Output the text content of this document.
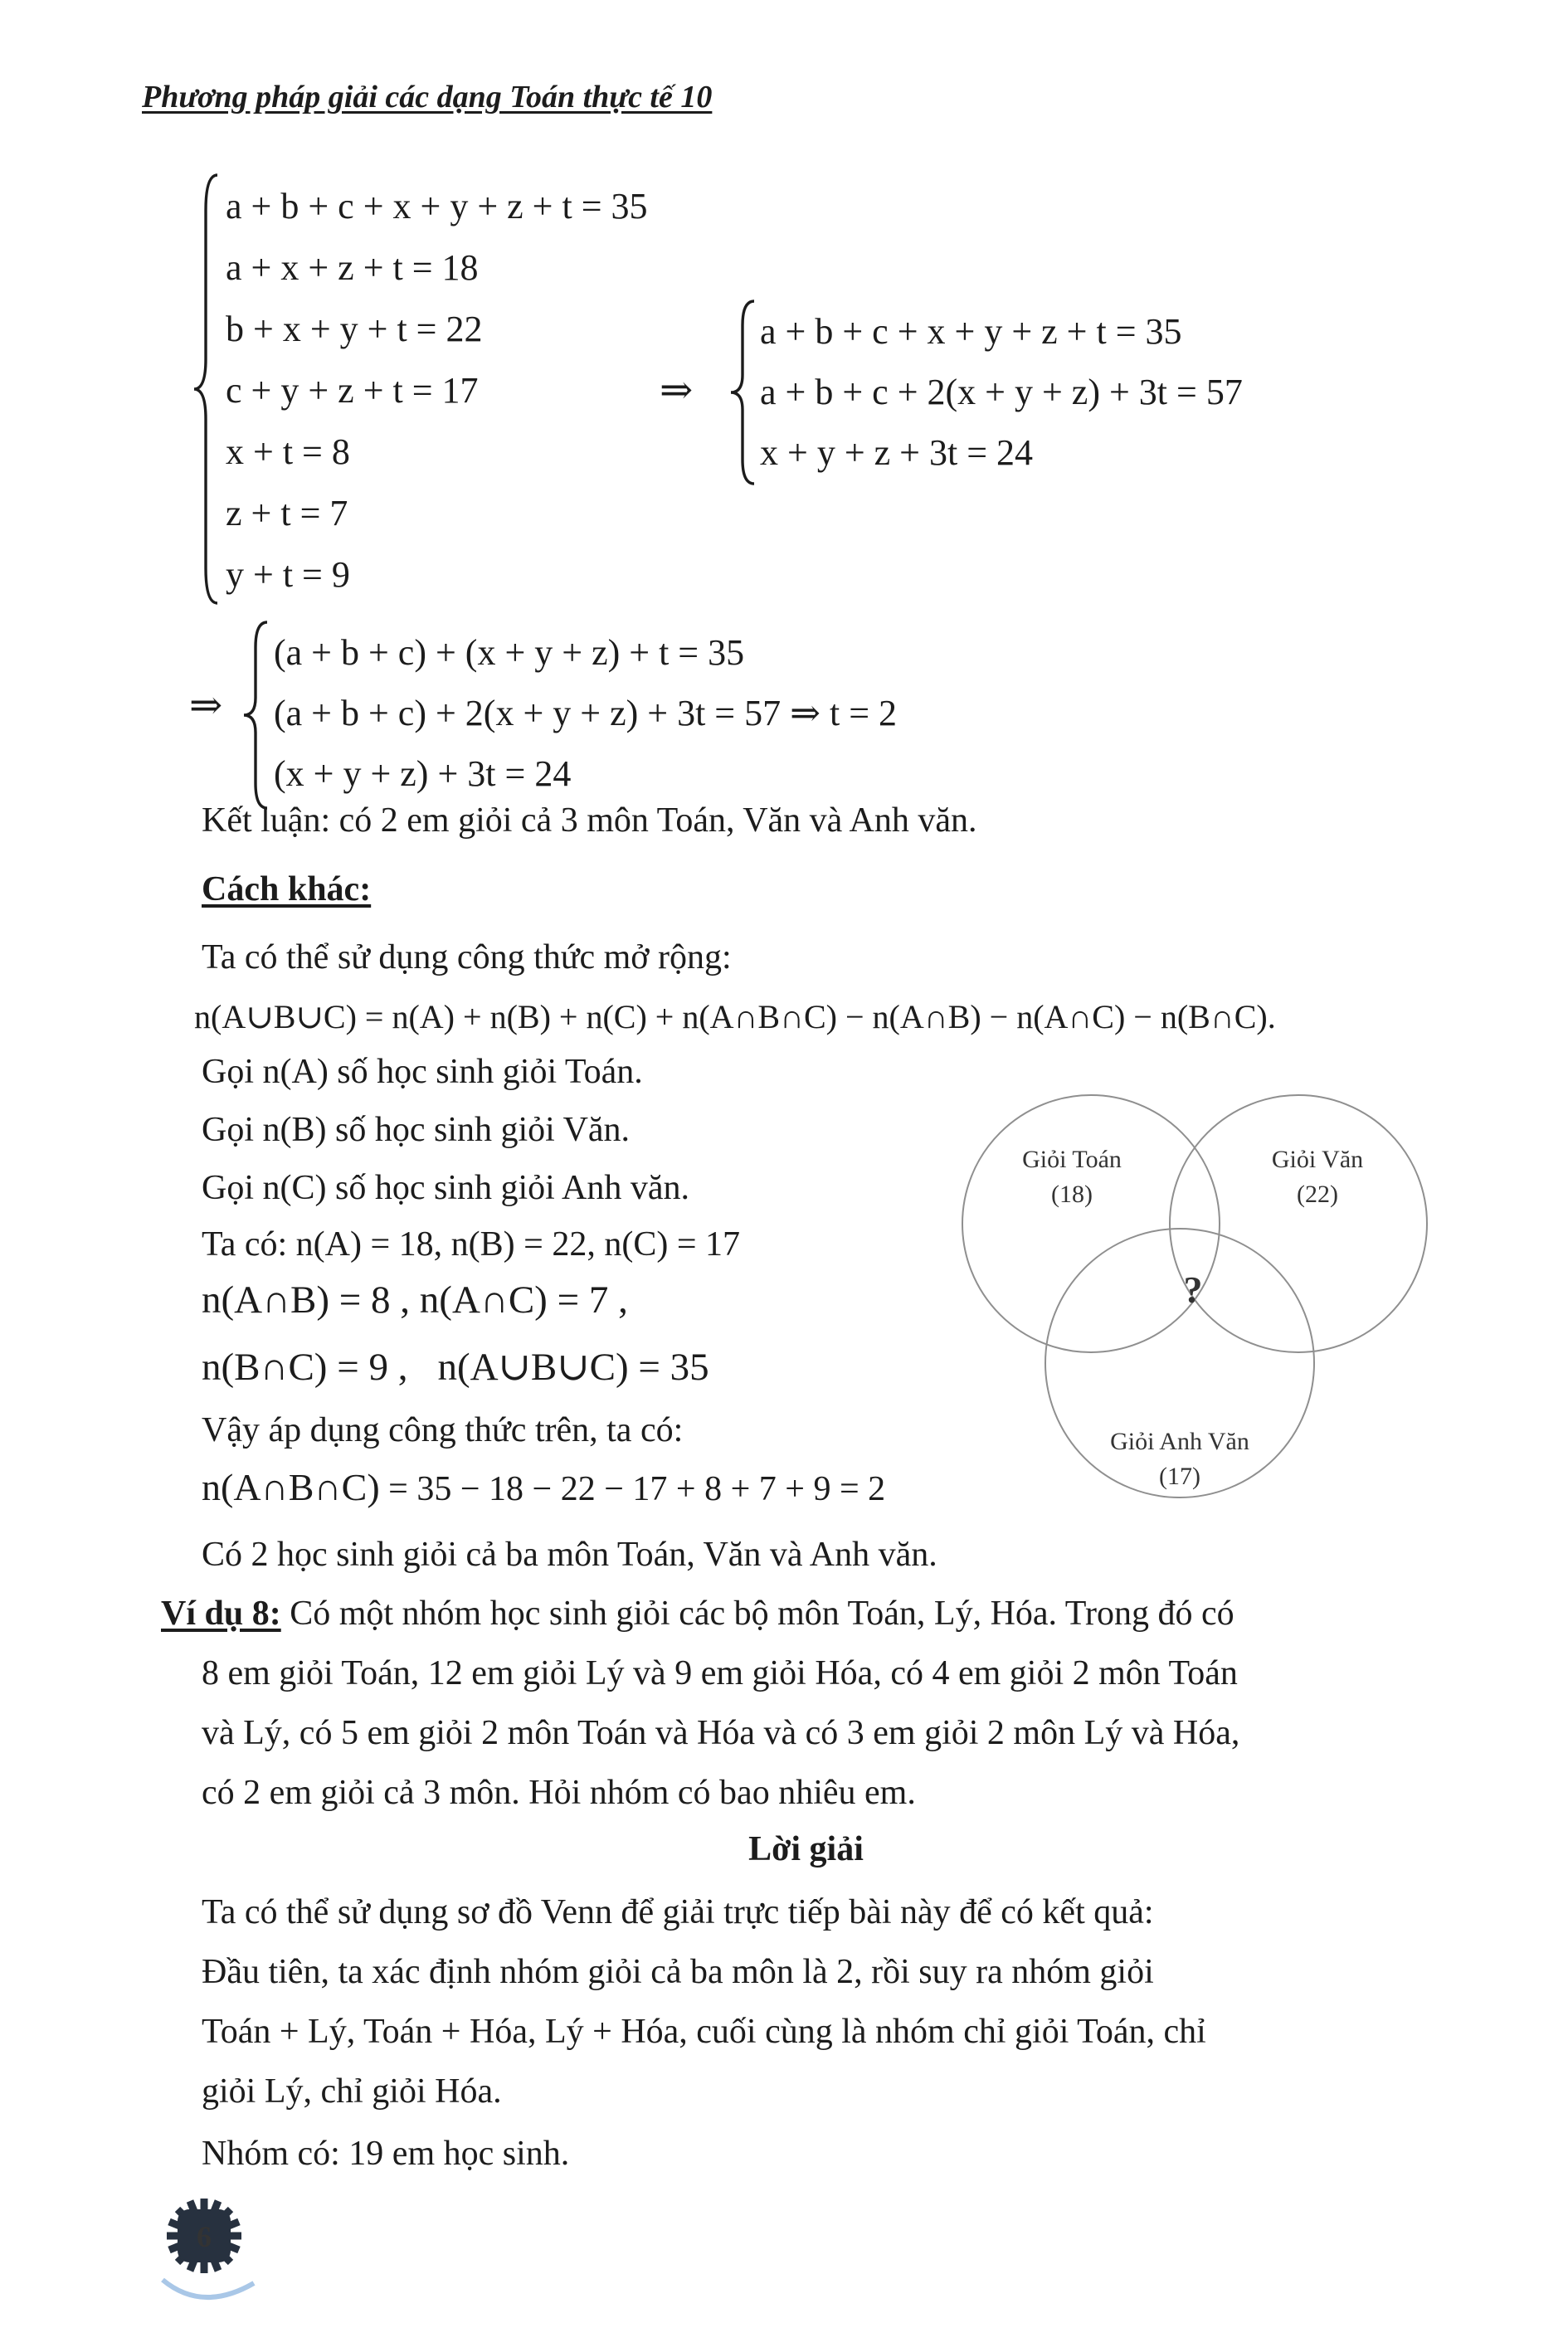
Phương pháp giải các dạng Toán thực tế 10
a + b + c + x + y + z + t = 35
a + x + z + t = 18
b + x + y + t = 22
c + y + z + t = 17
x + t = 8
z + t = 7
y + t = 9
⇒
a + b + c + x + y + z + t = 35
a + b + c + 2(x + y + z) + 3t = 57
x + y + z + 3t = 24
⇒
(a + b + c) + (x + y + z) + t = 35
(a + b + c) + 2(x + y + z) + 3t = 57 ⇒ t = 2
(x + y + z) + 3t = 24
Kết luận: có 2 em giỏi cả 3 môn Toán, Văn và Anh văn.
Cách khác:
Ta có thể sử dụng công thức mở rộng:
n(A∪B∪C) = n(A) + n(B) + n(C) + n(A∩B∩C) − n(A∩B) − n(A∩C) − n(B∩C).
Gọi n(A) số học sinh giỏi Toán.
Gọi n(B) số học sinh giỏi Văn.
Gọi n(C) số học sinh giỏi Anh văn.
Ta có: n(A) = 18, n(B) = 22, n(C) = 17
n(A∩B) = 8 , n(A∩C) = 7 ,
n(B∩C) = 9 , n(A∪B∪C) = 35
Vậy áp dụng công thức trên, ta có:
n(A∩B∩C) = 35 − 18 − 22 − 17 + 8 + 7 + 9 = 2
Có 2 học sinh giỏi cả ba môn Toán, Văn và Anh văn.
Giỏi Toán
(18)
Giỏi Văn
(22)
Giỏi Anh Văn
(17)
?
Ví dụ 8: Có một nhóm học sinh giỏi các bộ môn Toán, Lý, Hóa. Trong đó có
8 em giỏi Toán, 12 em giỏi Lý và 9 em giỏi Hóa, có 4 em giỏi 2 môn Toán
và Lý, có 5 em giỏi 2 môn Toán và Hóa và có 3 em giỏi 2 môn Lý và Hóa,
có 2 em giỏi cả 3 môn. Hỏi nhóm có bao nhiêu em.
Lời giải
Ta có thể sử dụng sơ đồ Venn để giải trực tiếp bài này để có kết quả:
Đầu tiên, ta xác định nhóm giỏi cả ba môn là 2, rồi suy ra nhóm giỏi
Toán + Lý, Toán + Hóa, Lý + Hóa, cuối cùng là nhóm chỉ giỏi Toán, chỉ
giỏi Lý, chỉ giỏi Hóa.
Nhóm có: 19 em học sinh.
6
